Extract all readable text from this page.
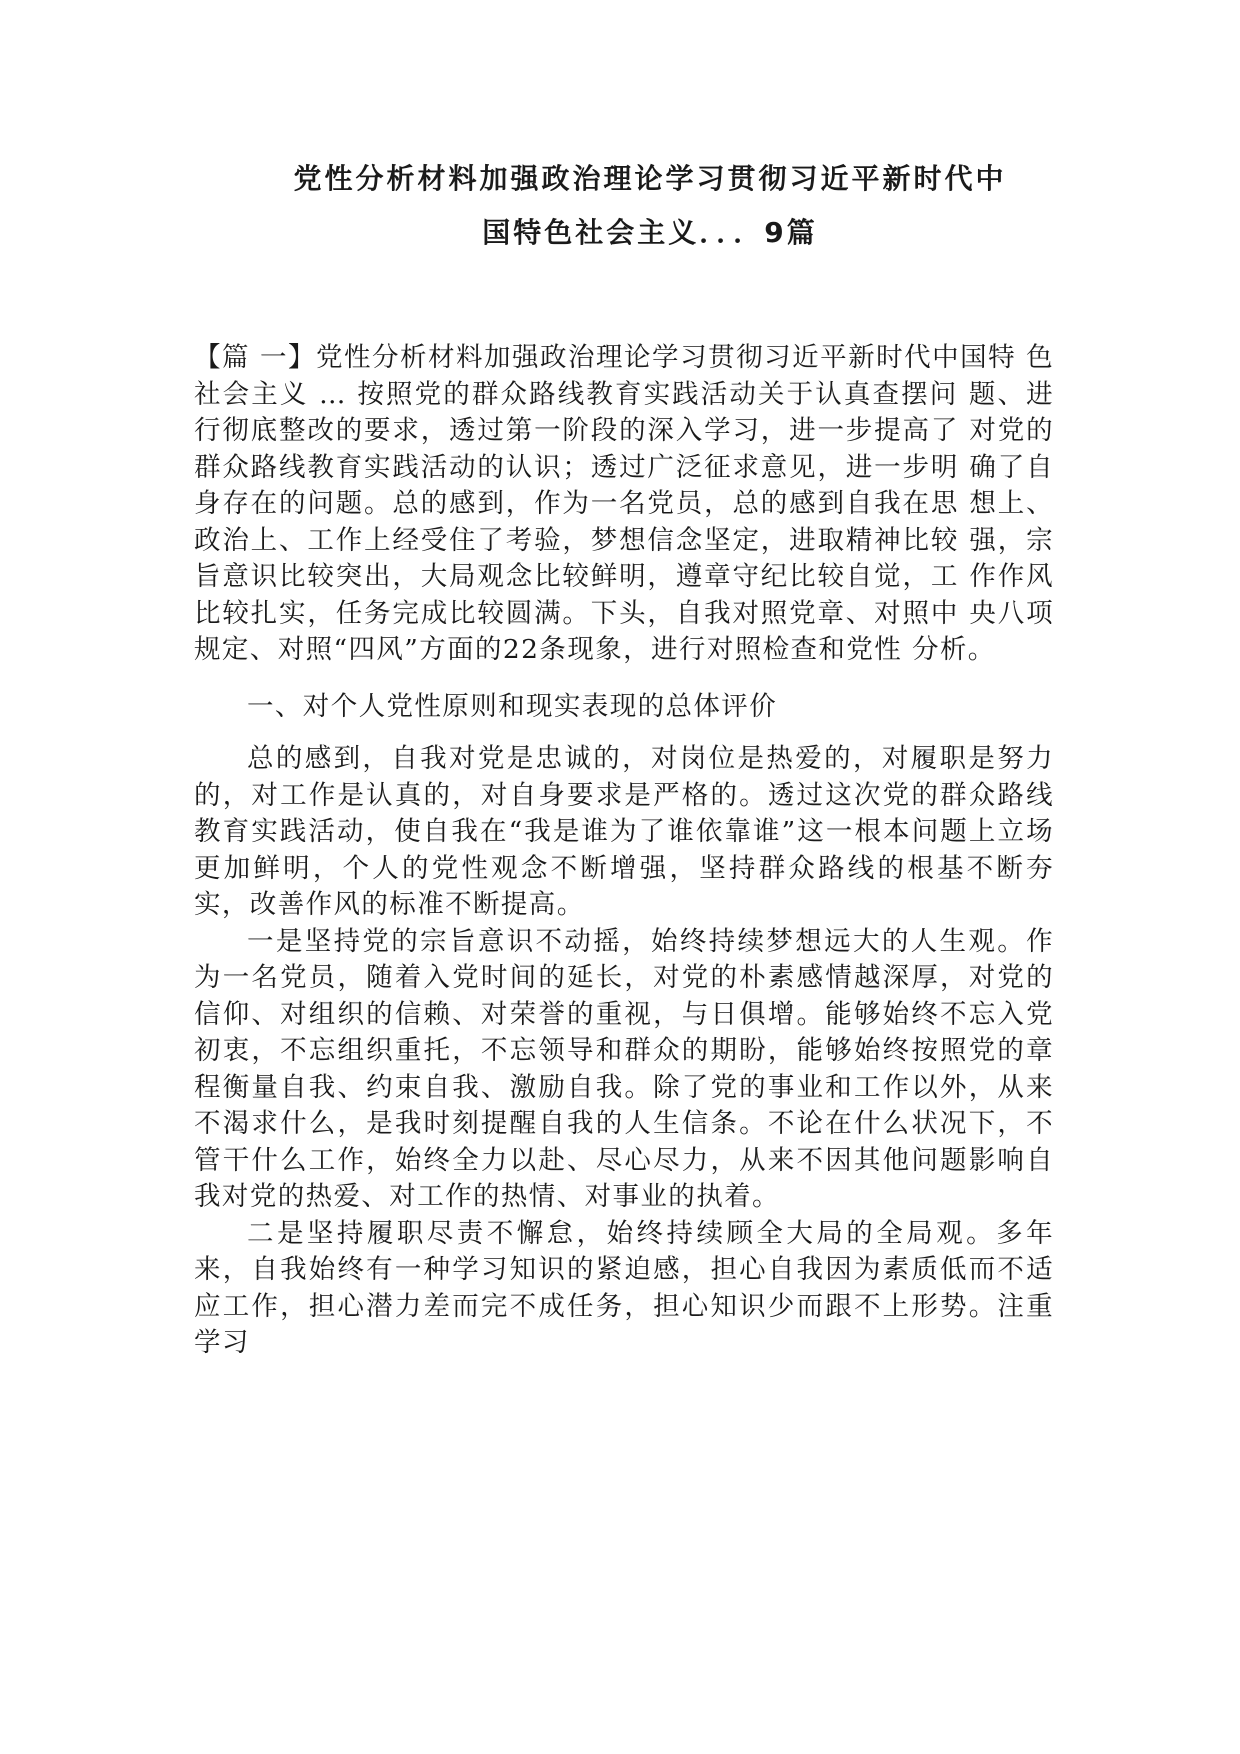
党性分析材料加强政治理论学习贯彻习近平新时代中
国特色社会主义．．．9篇

【篇 一】党性分析材料加强政治理论学习贯彻习近平新时代中国特 色社会主义 … 按照党的群众路线教育实践活动关于认真查摆问 题、进行彻底整改的要求，透过第一阶段的深入学习，进一步提高了 对党的群众路线教育实践活动的认识；透过广泛征求意见，进一步明 确了自身存在的问题。总的感到，作为一名党员，总的感到自我在思 想上、政治上、工作上经受住了考验，梦想信念坚定，进取精神比较 强，宗旨意识比较突出，大局观念比较鲜明，遵章守纪比较自觉，工 作作风比较扎实，任务完成比较圆满。下头，自我对照党章、对照中 央八项规定、对照“四风”方面的22条现象，进行对照检查和党性 分析。

一、对个人党性原则和现实表现的总体评价

总的感到，自我对党是忠诚的，对岗位是热爱的，对履职是努力的，对工作是认真的，对自身要求是严格的。透过这次党的群众路线教育实践活动，使自我在“我是谁为了谁依靠谁”这一根本问题上立场更加鲜明，个人的党性观念不断增强，坚持群众路线的根基不断夯实，改善作风的标准不断提高。

一是坚持党的宗旨意识不动摇，始终持续梦想远大的人生观。作为一名党员，随着入党时间的延长，对党的朴素感情越深厚，对党的信仰、对组织的信赖、对荣誉的重视，与日俱增。能够始终不忘入党初衷，不忘组织重托，不忘领导和群众的期盼，能够始终按照党的章程衡量自我、约束自我、激励自我。除了党的事业和工作以外，从来不渴求什么，是我时刻提醒自我的人生信条。不论在什么状况下，不管干什么工作，始终全力以赴、尽心尽力，从来不因其他问题影响自我对党的热爱、对工作的热情、对事业的执着。

二是坚持履职尽责不懈怠，始终持续顾全大局的全局观。多年来，自我始终有一种学习知识的紧迫感，担心自我因为素质低而不适应工作，担心潜力差而完不成任务，担心知识少而跟不上形势。注重学习
